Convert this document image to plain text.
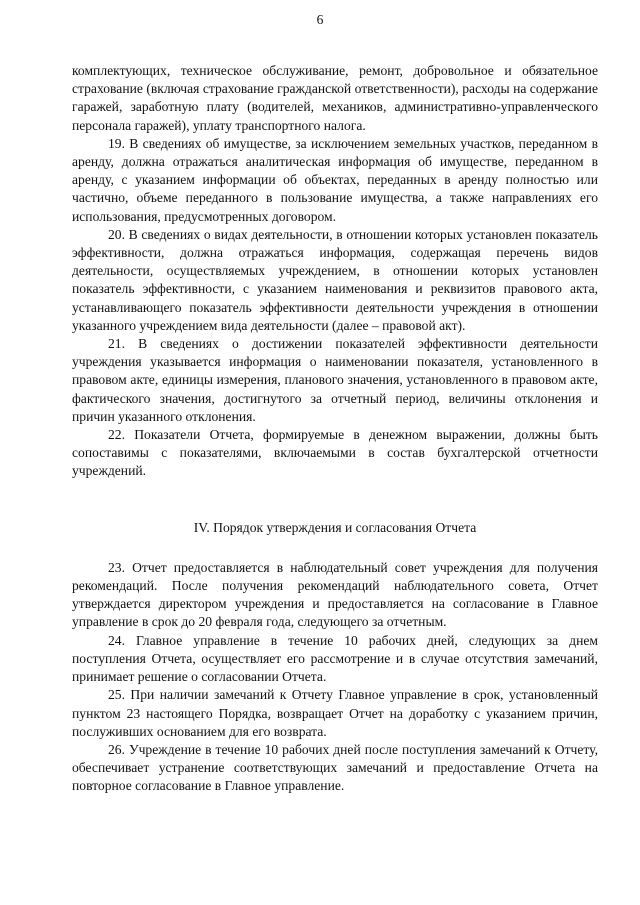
6

комплектующих, техническое обслуживание, ремонт, добровольное и обязательное страхование (включая страхование гражданской ответственности), расходы на содержание гаражей, заработную плату (водителей, механиков, административно-управленческого персонала гаражей), уплату транспортного налога.

19. В сведениях об имуществе, за исключением земельных участков, переданном в аренду, должна отражаться аналитическая информация об имуществе, переданном в аренду, с указанием информации об объектах, переданных в аренду полностью или частично, объеме переданного в пользование имущества, а также направлениях его использования, предусмотренных договором.

20. В сведениях о видах деятельности, в отношении которых установлен показатель эффективности, должна отражаться информация, содержащая перечень видов деятельности, осуществляемых учреждением, в отношении которых установлен показатель эффективности, с указанием наименования и реквизитов правового акта, устанавливающего показатель эффективности деятельности учреждения в отношении указанного учреждением вида деятельности (далее – правовой акт).

21. В сведениях о достижении показателей эффективности деятельности учреждения указывается информация о наименовании показателя, установленного в правовом акте, единицы измерения, планового значения, установленного в правовом акте, фактического значения, достигнутого за отчетный период, величины отклонения и причин указанного отклонения.

22. Показатели Отчета, формируемые в денежном выражении, должны быть сопоставимы с показателями, включаемыми в состав бухгалтерской отчетности учреждений.

IV. Порядок утверждения и согласования Отчета

23. Отчет предоставляется в наблюдательный совет учреждения для получения рекомендаций. После получения рекомендаций наблюдательного совета, Отчет утверждается директором учреждения и предоставляется на согласование в Главное управление в срок до 20 февраля года, следующего за отчетным.

24. Главное управление в течение 10 рабочих дней, следующих за днем поступления Отчета, осуществляет его рассмотрение и в случае отсутствия замечаний, принимает решение о согласовании Отчета.

25. При наличии замечаний к Отчету Главное управление в срок, установленный пунктом 23 настоящего Порядка, возвращает Отчет на доработку с указанием причин, послуживших основанием для его возврата.

26. Учреждение в течение 10 рабочих дней после поступления замечаний к Отчету, обеспечивает устранение соответствующих замечаний и предоставление Отчета на повторное согласование в Главное управление.
